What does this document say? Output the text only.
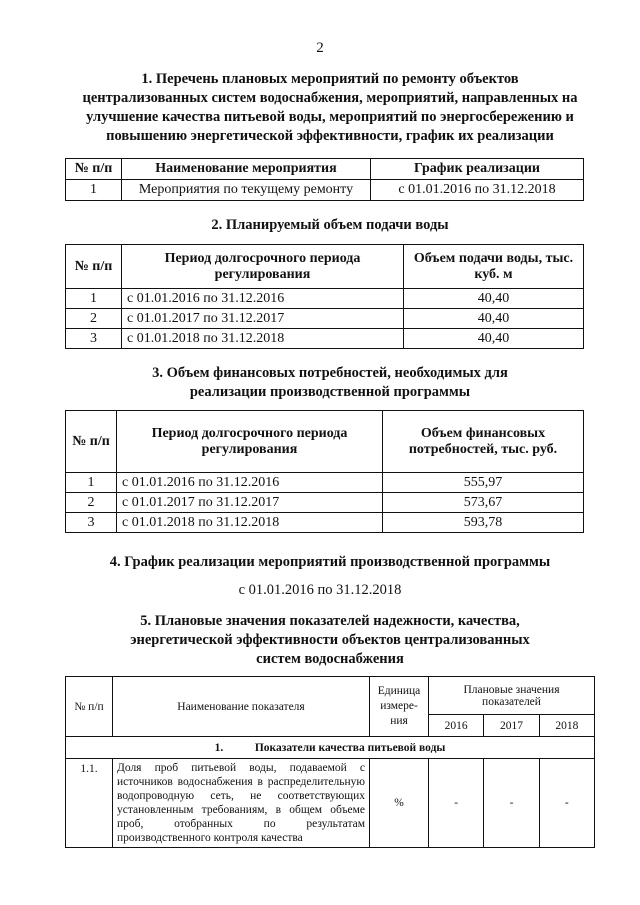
2
1. Перечень плановых мероприятий по ремонту объектов
централизованных систем водоснабжения, мероприятий, направленных на
улучшение качества питьевой воды, мероприятий по энергосбережению и
повышению энергетической эффективности, график их реализации
№ п/п	Наименование мероприятия	График реализации
1	Мероприятия по текущему ремонту	с 01.01.2016 по 31.12.2018
2. Планируемый объем подачи воды
№ п/п	Период долгосрочного периода регулирования	Объем подачи воды, тыс. куб. м
1	с 01.01.2016 по 31.12.2016	40,40
2	с 01.01.2017 по 31.12.2017	40,40
3	с 01.01.2018 по 31.12.2018	40,40
3. Объем финансовых потребностей, необходимых для
реализации производственной программы
№ п/п	Период долгосрочного периода регулирования	Объем финансовых потребностей, тыс. руб.
1	с 01.01.2016 по 31.12.2016	555,97
2	с 01.01.2017 по 31.12.2017	573,67
3	с 01.01.2018 по 31.12.2018	593,78
4. График реализации мероприятий производственной программы
с 01.01.2016 по 31.12.2018
5. Плановые значения показателей надежности, качества,
энергетической эффективности объектов централизованных
систем водоснабжения
№ п/п	Наименование показателя	Единица измере-ния	Плановые значения показателей		
			2016	2017	2018
1. Показатели качества питьевой воды					
1.1.	Доля проб питьевой воды, подаваемой с источников водоснабжения в распределительную водопроводную сеть, не соответствующих установленным требованиям, в общем объеме проб, отобранных по результатам производственного контроля качества	%	-	-	-
